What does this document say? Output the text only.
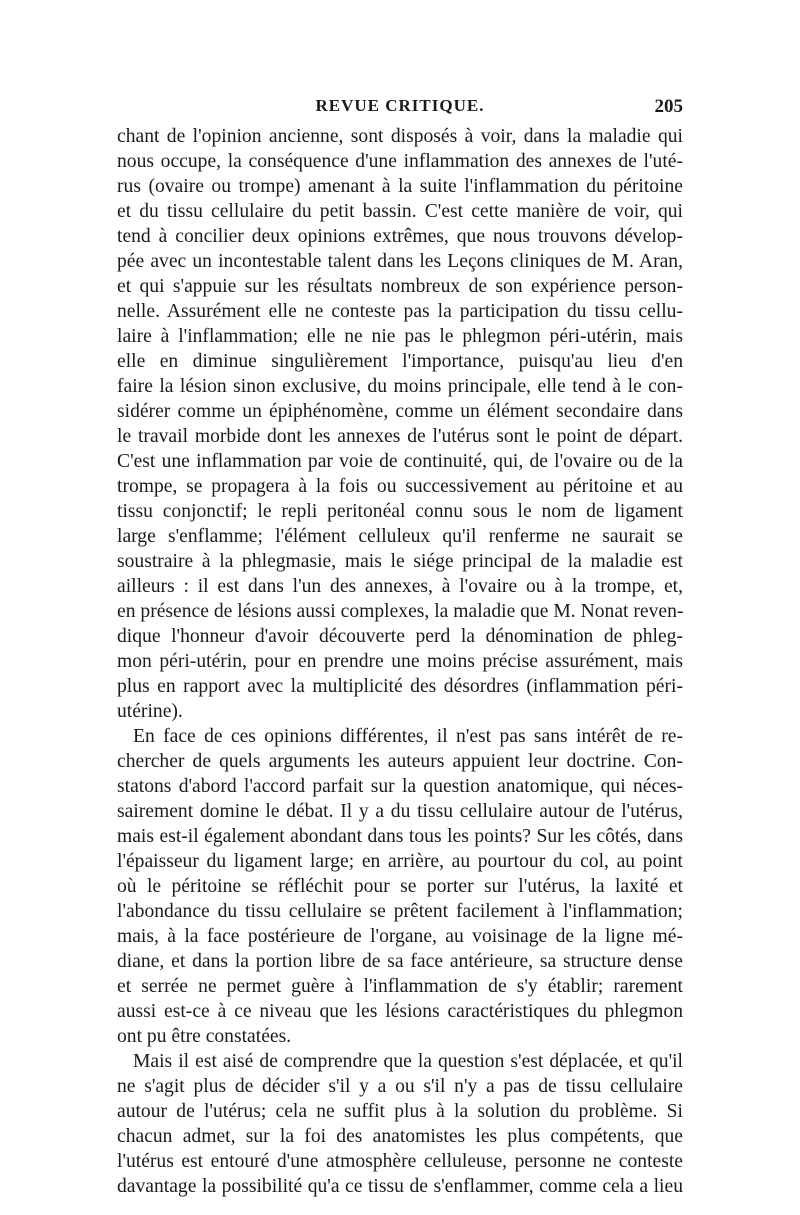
REVUE CRITIQUE.	205
chant de l'opinion ancienne, sont disposés à voir, dans la maladie qui
nous occupe, la conséquence d'une inflammation des annexes de l'uté-
rus (ovaire ou trompe) amenant à la suite l'inflammation du péritoine
et du tissu cellulaire du petit bassin. C'est cette manière de voir, qui
tend à concilier deux opinions extrêmes, que nous trouvons dévelop-
pée avec un incontestable talent dans les Leçons cliniques de M. Aran,
et qui s'appuie sur les résultats nombreux de son expérience person-
nelle. Assurément elle ne conteste pas la participation du tissu cellu-
laire à l'inflammation; elle ne nie pas le phlegmon péri-utérin, mais
elle en diminue singulièrement l'importance, puisqu'au lieu d'en
faire la lésion sinon exclusive, du moins principale, elle tend à le con-
sidérer comme un épiphénomène, comme un élément secondaire dans
le travail morbide dont les annexes de l'utérus sont le point de départ.
C'est une inflammation par voie de continuité, qui, de l'ovaire ou de la
trompe, se propagera à la fois ou successivement au péritoine et au
tissu conjonctif; le repli peritonéal connu sous le nom de ligament
large s'enflamme; l'élément celluleux qu'il renferme ne saurait se
soustraire à la phlegmasie, mais le siége principal de la maladie est
ailleurs : il est dans l'un des annexes, à l'ovaire ou à la trompe, et,
en présence de lésions aussi complexes, la maladie que M. Nonat reven-
dique l'honneur d'avoir découverte perd la dénomination de phleg-
mon péri-utérin, pour en prendre une moins précise assurément, mais
plus en rapport avec la multiplicité des désordres (inflammation péri-
utérine).
En face de ces opinions différentes, il n'est pas sans intérêt de re-
chercher de quels arguments les auteurs appuient leur doctrine. Con-
statons d'abord l'accord parfait sur la question anatomique, qui néces-
sairement domine le débat. Il y a du tissu cellulaire autour de l'utérus,
mais est-il également abondant dans tous les points? Sur les côtés, dans
l'épaisseur du ligament large; en arrière, au pourtour du col, au point
où le péritoine se réfléchit pour se porter sur l'utérus, la laxité et
l'abondance du tissu cellulaire se prêtent facilement à l'inflammation;
mais, à la face postérieure de l'organe, au voisinage de la ligne mé-
diane, et dans la portion libre de sa face antérieure, sa structure dense
et serrée ne permet guère à l'inflammation de s'y établir; rarement
aussi est-ce à ce niveau que les lésions caractéristiques du phlegmon
ont pu être constatées.
Mais il est aisé de comprendre que la question s'est déplacée, et qu'il
ne s'agit plus de décider s'il y a ou s'il n'y a pas de tissu cellulaire
autour de l'utérus; cela ne suffit plus à la solution du problème. Si
chacun admet, sur la foi des anatomistes les plus compétents, que
l'utérus est entouré d'une atmosphère celluleuse, personne ne conteste
davantage la possibilité qu'a ce tissu de s'enflammer, comme cela a lieu
